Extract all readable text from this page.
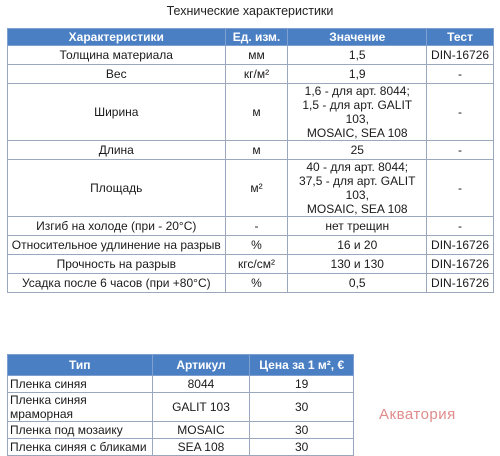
Технические характеристики
Характеристики	Ед. изм.	Значение	Тест
Толщина материала	мм	1,5	DIN-16726
Вес	кг/м²	1,9	-
Ширина	м	1,6 - для арт. 8044;
1,5 - для арт. GALIT 103,
MOSAIC, SEA 108	-
Длина	м	25	-
Площадь	м²	40 - для арт. 8044;
37,5 - для арт. GALIT 103,
MOSAIC, SEA 108	-
Изгиб на холоде (при - 20°С)	-	нет трещин	-
Относительное удлинение на разрыв	%	16 и 20	DIN-16726
Прочность на разрыв	кгс/см²	130 и 130	DIN-16726
Усадка после 6 часов (при +80°С)	%	0,5	DIN-16726
Тип	Артикул	Цена за 1 м², €
Пленка синяя	8044	19
Пленка синяя мраморная	GALIT 103	30
Пленка под мозаику	MOSAIC	30
Пленка синяя с бликами	SEA 108	30
Акватория
